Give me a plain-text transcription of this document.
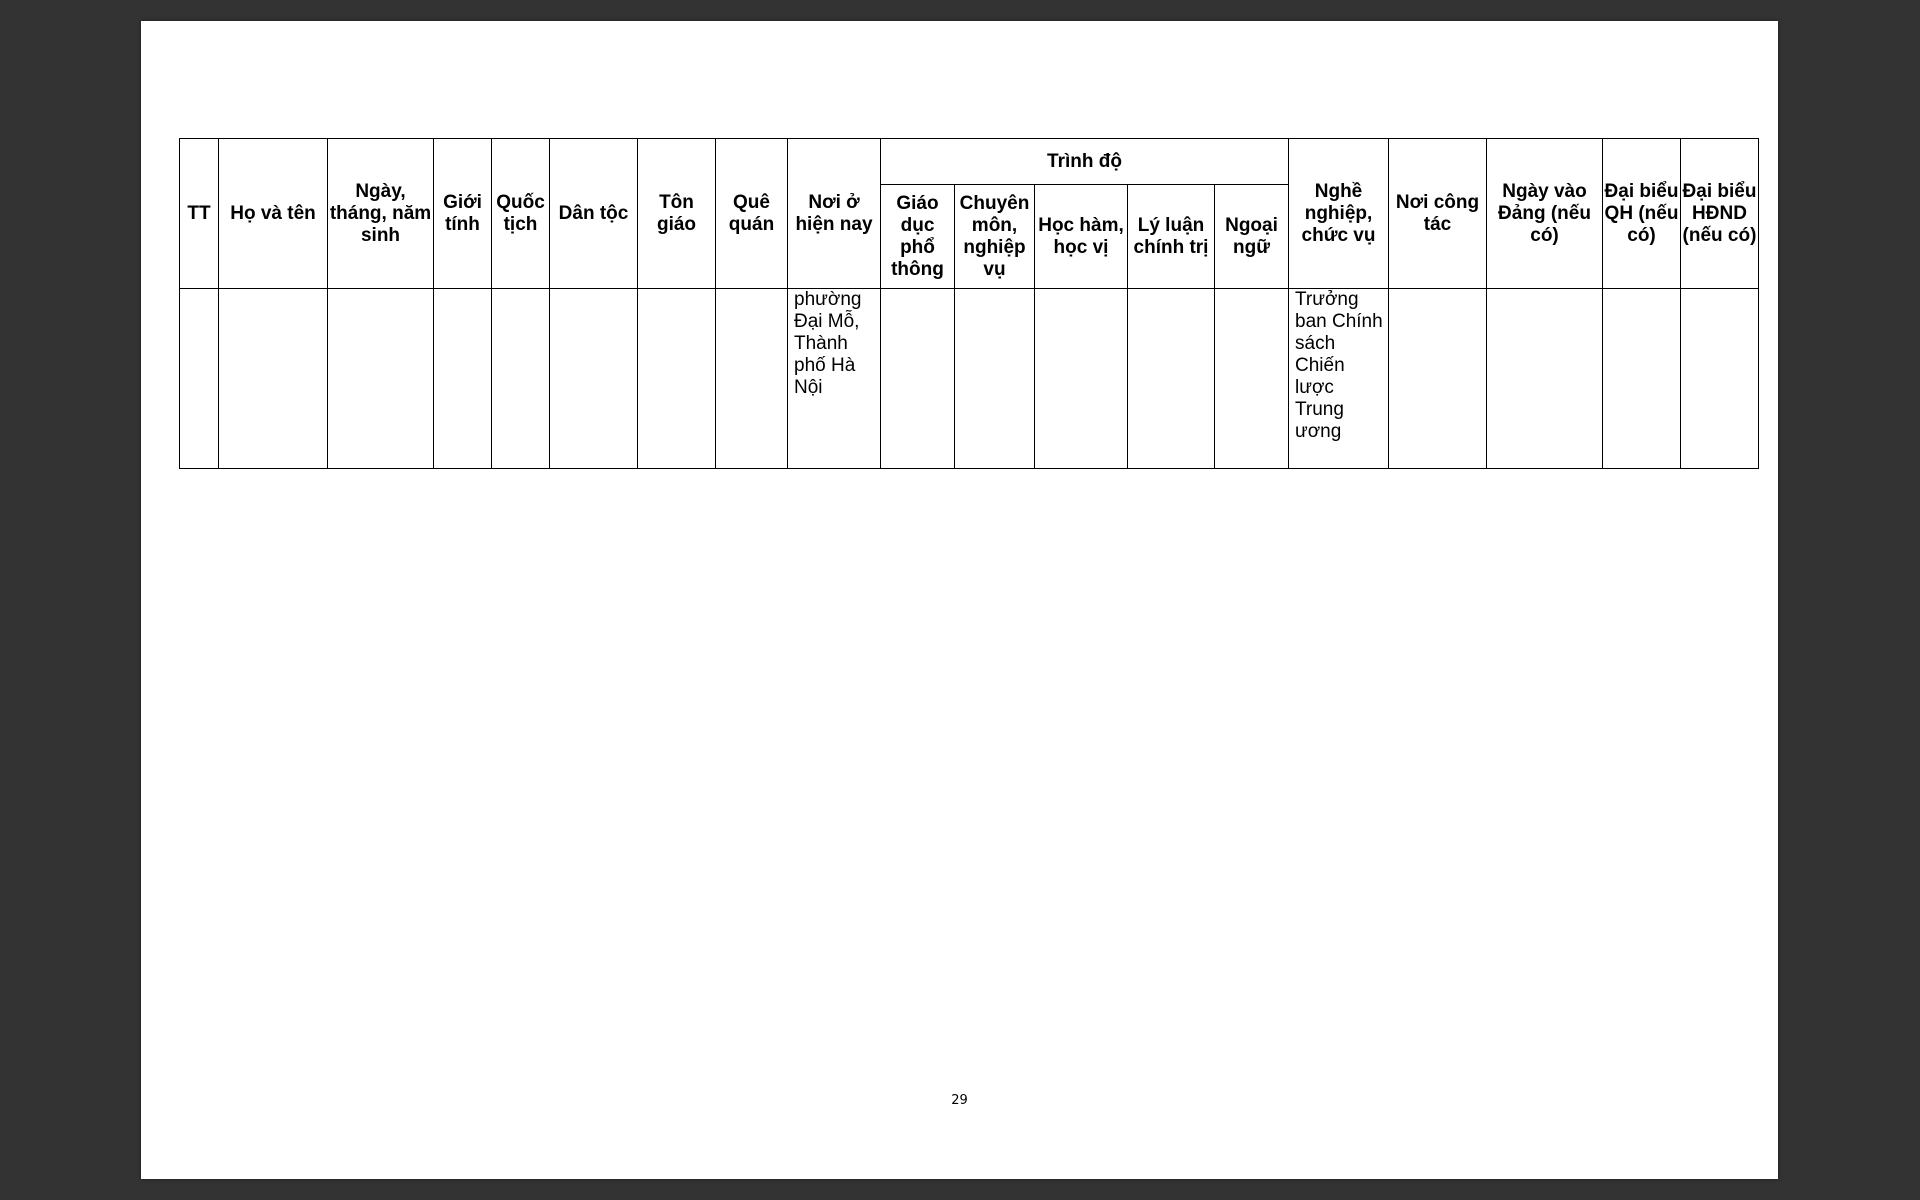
TT	Họ và tên	Ngày, tháng, năm sinh	Giới tính	Quốc tịch	Dân tộc	Tôn giáo	Quê quán	Nơi ở hiện nay	Trình độ					Nghề nghiệp, chức vụ	Nơi công tác	Ngày vào Đảng (nếu có)	Đại biểu QH (nếu có)	Đại biểu HĐND (nếu có)
									Giáo dục phổ thông	Chuyên môn, nghiệp vụ	Học hàm, học vị	Lý luận chính trị	Ngoại ngữ					
								phường Đại Mỗ, Thành phố Hà Nội						Trưởng ban Chính sách Chiến lược Trung ương				
29
